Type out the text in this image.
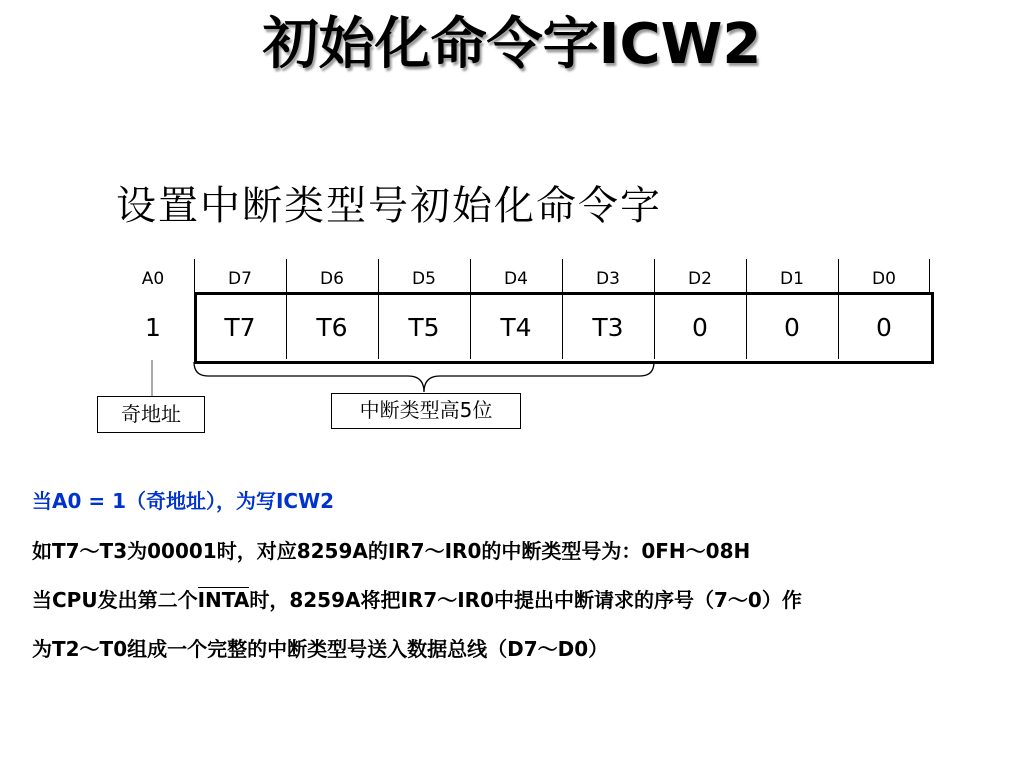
初始化命令字ICW2
设置中断类型号初始化命令字
A0	D7	D6	D5	D4	D3	D2	D1	D0
1	T7	T6	T5	T4	T3	0	0	0
奇地址	中断类型高5位
当A0 = 1（奇地址），为写ICW2
如T7～T3为00001时，对应8259A的IR7～IR0的中断类型号为：0FH～08H
当CPU发出第二个INTA时，8259A将把IR7～IR0中提出中断请求的序号（7～0）作
为T2～T0组成一个完整的中断类型号送入数据总线（D7～D0）
